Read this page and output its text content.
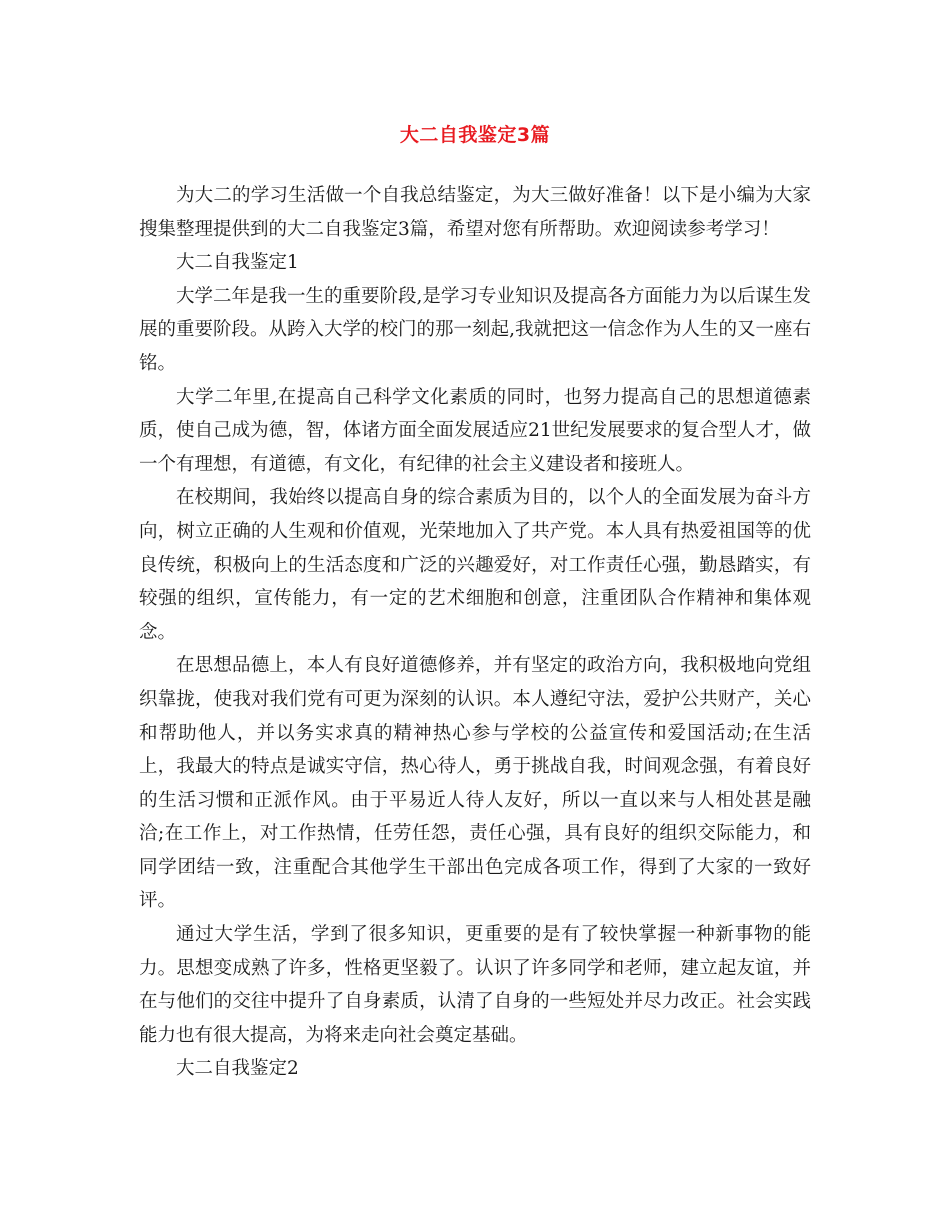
大二自我鉴定3篇

为大二的学习生活做一个自我总结鉴定，为大三做好准备！以下是小编为大家搜集整理提供到的大二自我鉴定3篇，希望对您有所帮助。欢迎阅读参考学习！

大二自我鉴定1

大学二年是我一生的重要阶段,是学习专业知识及提高各方面能力为以后谋生发展的重要阶段。从跨入大学的校门的那一刻起,我就把这一信念作为人生的又一座右铭。

大学二年里,在提高自己科学文化素质的同时，也努力提高自己的思想道德素质，使自己成为德，智，体诸方面全面发展适应21世纪发展要求的复合型人才，做一个有理想，有道德，有文化，有纪律的社会主义建设者和接班人。

在校期间，我始终以提高自身的综合素质为目的，以个人的全面发展为奋斗方向，树立正确的人生观和价值观，光荣地加入了共产党。本人具有热爱祖国等的优良传统，积极向上的生活态度和广泛的兴趣爱好，对工作责任心强，勤恳踏实，有较强的组织，宣传能力，有一定的艺术细胞和创意，注重团队合作精神和集体观念。

在思想品德上，本人有良好道德修养，并有坚定的政治方向，我积极地向党组织靠拢，使我对我们党有可更为深刻的认识。本人遵纪守法，爱护公共财产，关心和帮助他人，并以务实求真的精神热心参与学校的公益宣传和爱国活动;在生活上，我最大的特点是诚实守信，热心待人，勇于挑战自我，时间观念强，有着良好的生活习惯和正派作风。由于平易近人待人友好，所以一直以来与人相处甚是融洽;在工作上，对工作热情，任劳任怨，责任心强，具有良好的组织交际能力，和同学团结一致，注重配合其他学生干部出色完成各项工作，得到了大家的一致好评。

通过大学生活，学到了很多知识，更重要的是有了较快掌握一种新事物的能力。思想变成熟了许多，性格更坚毅了。认识了许多同学和老师，建立起友谊，并在与他们的交往中提升了自身素质，认清了自身的一些短处并尽力改正。社会实践能力也有很大提高，为将来走向社会奠定基础。

大二自我鉴定2
